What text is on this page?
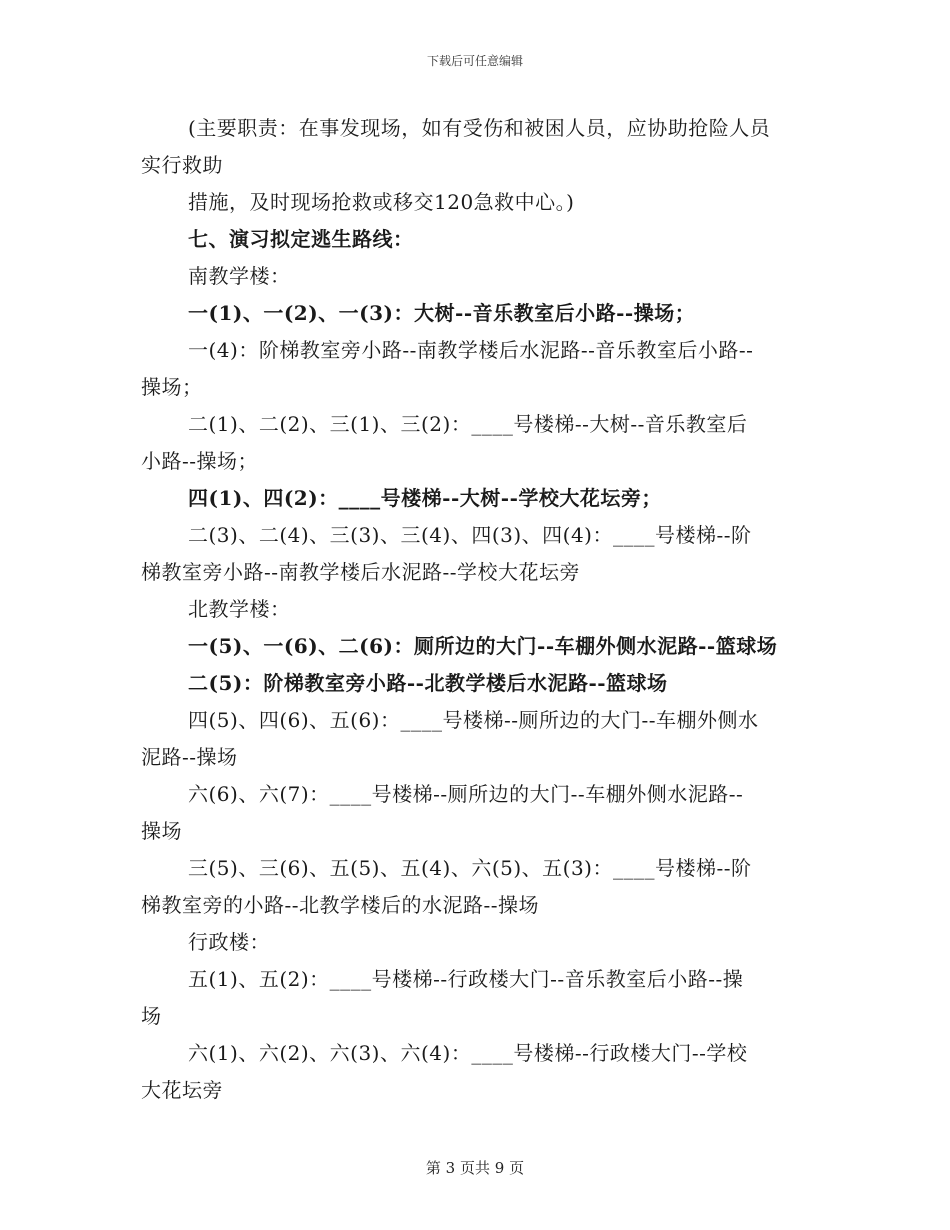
下载后可任意编辑
(主要职责：在事发现场，如有受伤和被困人员，应协助抢险人员
实行救助
措施，及时现场抢救或移交120急救中心。)
七、演习拟定逃生路线：
南教学楼：
一(1)、一(2)、一(3)：大树--音乐教室后小路--操场；
一(4)：阶梯教室旁小路--南教学楼后水泥路--音乐教室后小路--
操场；
二(1)、二(2)、三(1)、三(2)：____号楼梯--大树--音乐教室后
小路--操场；
四(1)、四(2)：____号楼梯--大树--学校大花坛旁；
二(3)、二(4)、三(3)、三(4)、四(3)、四(4)：____号楼梯--阶
梯教室旁小路--南教学楼后水泥路--学校大花坛旁
北教学楼：
一(5)、一(6)、二(6)：厕所边的大门--车棚外侧水泥路--篮球场
二(5)：阶梯教室旁小路--北教学楼后水泥路--篮球场
四(5)、四(6)、五(6)：____号楼梯--厕所边的大门--车棚外侧水
泥路--操场
六(6)、六(7)：____号楼梯--厕所边的大门--车棚外侧水泥路--
操场
三(5)、三(6)、五(5)、五(4)、六(5)、五(3)：____号楼梯--阶
梯教室旁的小路--北教学楼后的水泥路--操场
行政楼：
五(1)、五(2)：____号楼梯--行政楼大门--音乐教室后小路--操
场
六(1)、六(2)、六(3)、六(4)：____号楼梯--行政楼大门--学校
大花坛旁
第 3 页共 9 页
